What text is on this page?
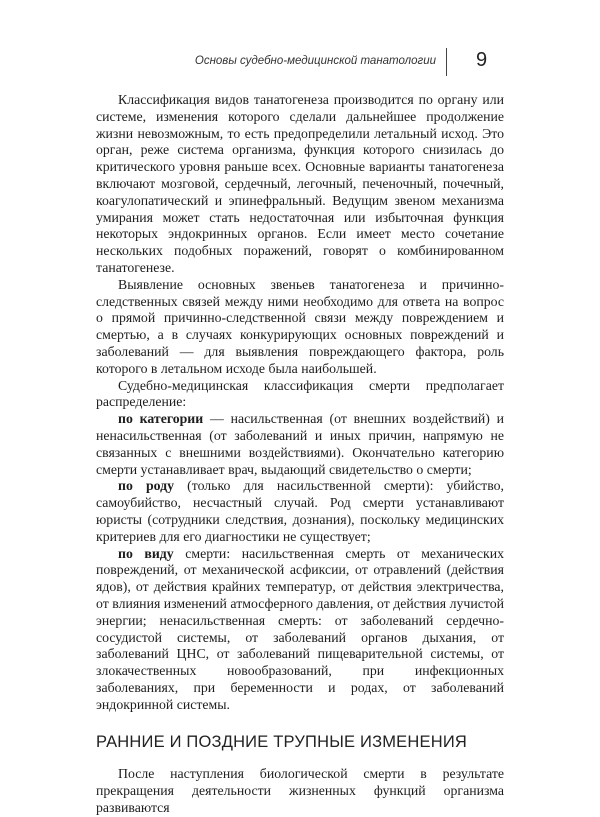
Основы судебно-медицинской танатологии 9

Классификация видов танатогенеза производится по органу или системе, изменения которого сделали дальнейшее продолжение жизни невозможным, то есть предопределили летальный исход. Это орган, реже система организма, функция которого снизилась до критического уровня раньше всех. Основные варианты танатогенеза включают мозговой, сердечный, легочный, печеночный, почечный, коагулопатический и эпинефральный. Ведущим звеном механизма умирания может стать недостаточная или избыточная функция некоторых эндокринных органов. Если имеет место сочетание нескольких подобных поражений, говорят о комбинированном танатогенезе.

Выявление основных звеньев танатогенеза и причинно-следственных связей между ними необходимо для ответа на вопрос о прямой причинно-следственной связи между повреждением и смертью, а в случаях конкурирующих основных повреждений и заболеваний — для выявления повреждающего фактора, роль которого в летальном исходе была наибольшей.

Судебно-медицинская классификация смерти предполагает распределение:

по категории — насильственная (от внешних воздействий) и ненасильственная (от заболеваний и иных причин, напрямую не связанных с внешними воздействиями). Окончательно категорию смерти устанавливает врач, выдающий свидетельство о смерти;

по роду (только для насильственной смерти): убийство, самоубийство, несчастный случай. Род смерти устанавливают юристы (сотрудники следствия, дознания), поскольку медицинских критериев для его диагностики не существует;

по виду смерти: насильственная смерть от механических повреждений, от механической асфиксии, от отравлений (действия ядов), от действия крайних температур, от действия электричества, от влияния изменений атмосферного давления, от действия лучистой энергии; ненасильственная смерть: от заболеваний сердечно-сосудистой системы, от заболеваний органов дыхания, от заболеваний ЦНС, от заболеваний пищеварительной системы, от злокачественных новообразований, при инфекционных заболеваниях, при беременности и родах, от заболеваний эндокринной системы.

РАННИЕ И ПОЗДНИЕ ТРУПНЫЕ ИЗМЕНЕНИЯ

После наступления биологической смерти в результате прекращения деятельности жизненных функций организма развиваются
